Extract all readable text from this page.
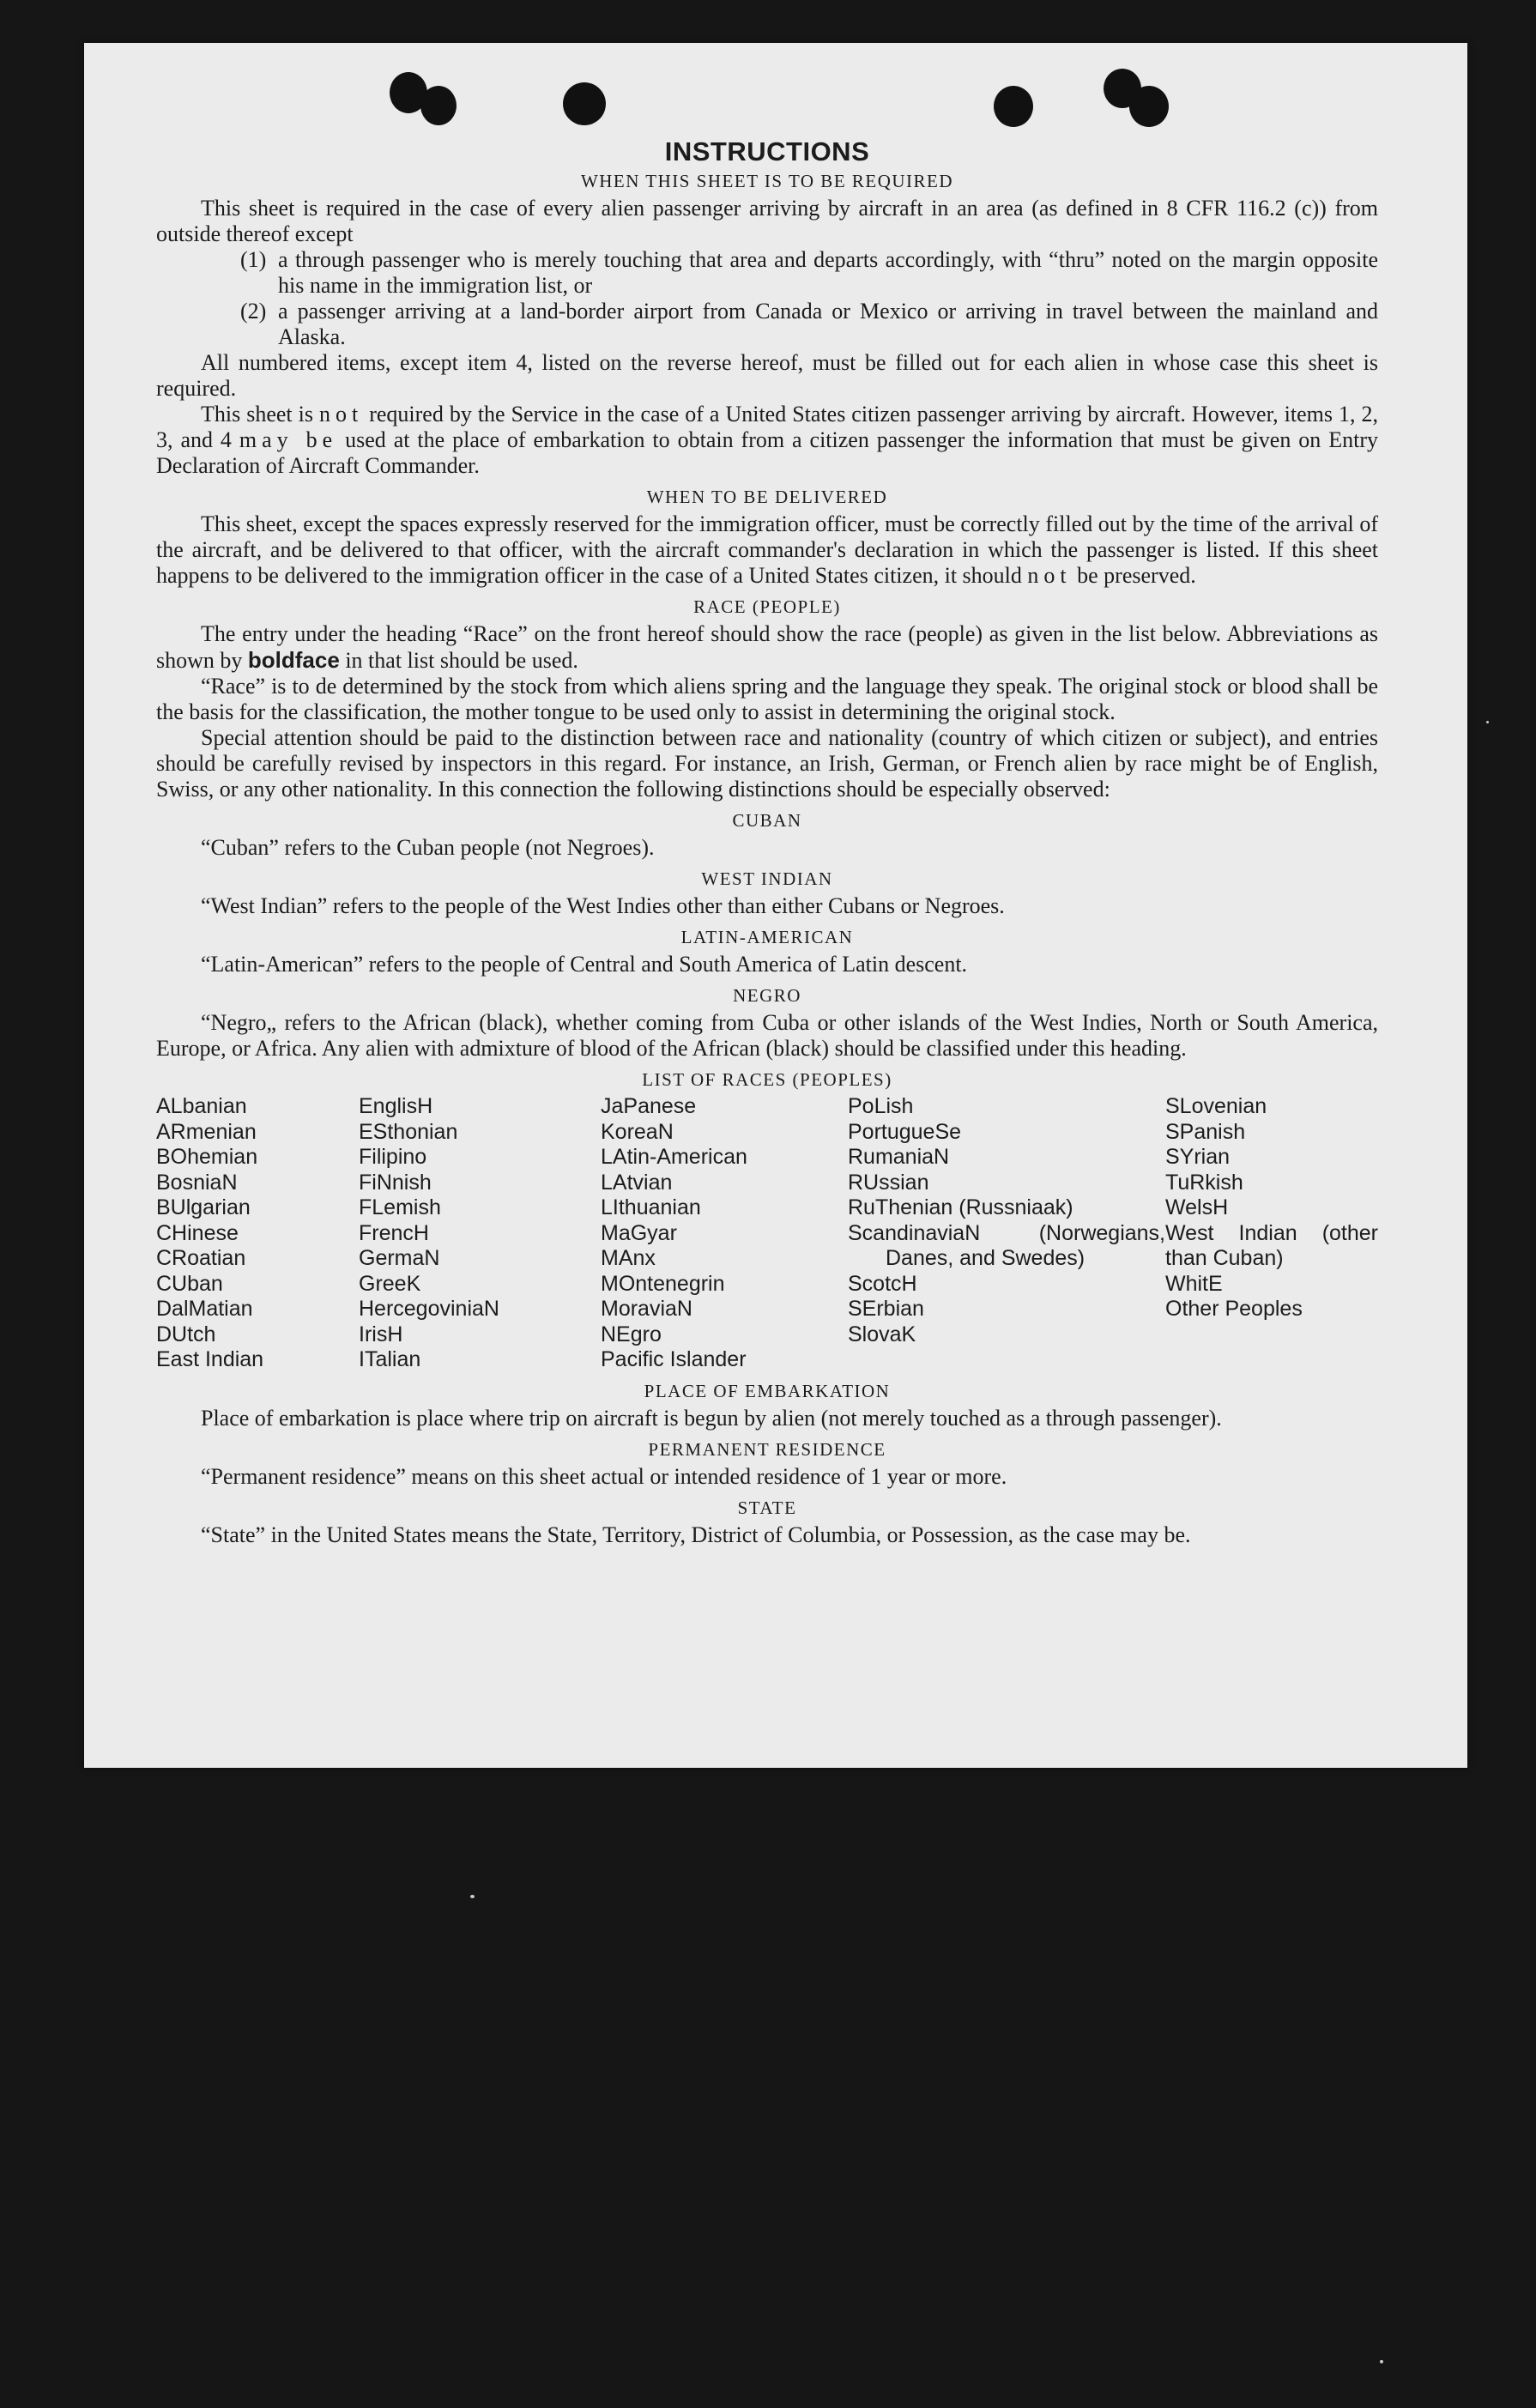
INSTRUCTIONS
WHEN THIS SHEET IS TO BE REQUIRED

This sheet is required in the case of every alien passenger arriving by aircraft in an area (as defined in 8 CFR 116.2 (c)) from outside thereof except

(1) a through passenger who is merely touching that area and departs accordingly, with “thru” noted on the margin opposite his name in the immigration list, or
(2) a passenger arriving at a land-border airport from Canada or Mexico or arriving in travel between the mainland and Alaska.

All numbered items, except item 4, listed on the reverse hereof, must be filled out for each alien in whose case this sheet is required.

This sheet is not required by the Service in the case of a United States citizen passenger arriving by aircraft. However, items 1, 2, 3, and 4 may be used at the place of embarkation to obtain from a citizen passenger the information that must be given on Entry Declaration of Aircraft Commander.

WHEN TO BE DELIVERED

This sheet, except the spaces expressly reserved for the immigration officer, must be correctly filled out by the time of the arrival of the aircraft, and be delivered to that officer, with the aircraft commander's declaration in which the passenger is listed. If this sheet happens to be delivered to the immigration officer in the case of a United States citizen, it should not be preserved.

RACE (PEOPLE)

The entry under the heading “Race” on the front hereof should show the race (people) as given in the list below. Abbreviations as shown by boldface in that list should be used.

“Race” is to de determined by the stock from which aliens spring and the language they speak. The original stock or blood shall be the basis for the classification, the mother tongue to be used only to assist in determining the original stock.

Special attention should be paid to the distinction between race and nationality (country of which citizen or subject), and entries should be carefully revised by inspectors in this regard. For instance, an Irish, German, or French alien by race might be of English, Swiss, or any other nationality. In this connection the following distinctions should be especially observed:

CUBAN

“Cuban” refers to the Cuban people (not Negroes).

WEST INDIAN

“West Indian” refers to the people of the West Indies other than either Cubans or Negroes.

LATIN-AMERICAN

“Latin-American” refers to the people of Central and South America of Latin descent.

NEGRO

“Negro„ refers to the African (black), whether coming from Cuba or other islands of the West Indies, North or South America, Europe, or Africa. Any alien with admixture of blood of the African (black) should be classified under this heading.

LIST OF RACES (PEOPLES)
ALbanian
ARmenian
BOhemian
BosniaN
BUlgarian
CHinese
CRoatian
CUban
DalMatian
DUtch
East Indian
EnglisH
ESthonian
Filipino
FiNnish
FLemish
FrencH
GermaN
GreeK
HercegoviniaN
IrisH
ITalian
JaPanese
KoreaN
LAtin-American
LAtvian
LIthuanian
MaGyar
MAnx
MOntenegrin
MoraviaN
NEgro
Pacific Islander
PoLish
PortugueSe
RumaniaN
RUssian
RuThenian (Russniaak)
ScandinaviaN (Norwegians, Danes, and Swedes)
ScotcH
SErbian
SlovaK
SLovenian
SPanish
SYrian
TuRkish
WelsH
West Indian (other than Cuban)
WhitE
Other Peoples
PLACE OF EMBARKATION

Place of embarkation is place where trip on aircraft is begun by alien (not merely touched as a through passenger).

PERMANENT RESIDENCE

“Permanent residence” means on this sheet actual or intended residence of 1 year or more.

STATE

“State” in the United States means the State, Territory, District of Columbia, or Possession, as the case may be.
